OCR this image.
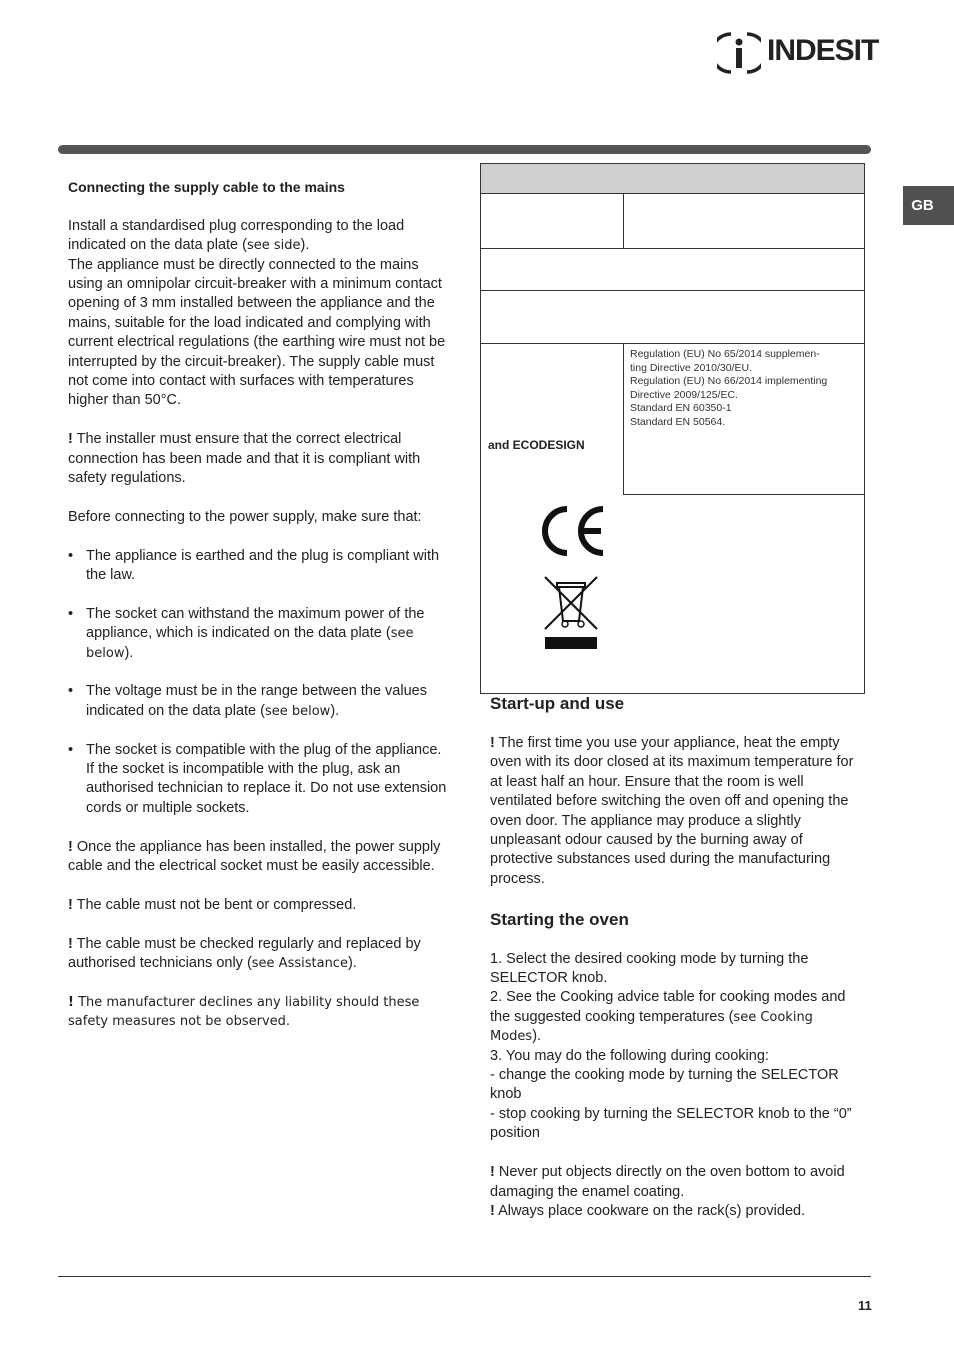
INDESIT
GB

Connecting the supply cable to the mains

Install a standardised plug corresponding to the load indicated on the data plate (see side).

The appliance must be directly connected to the mains using an omnipolar circuit-breaker with a minimum contact opening of 3 mm installed between the appliance and the mains, suitable for the load indicated and complying with current electrical regulations (the earthing wire must not be interrupted by the circuit-breaker). The supply cable must not come into contact with surfaces with temperatures higher than 50°C.

! The installer must ensure that the correct electrical connection has been made and that it is compliant with safety regulations.

Before connecting to the power supply, make sure that:

• The appliance is earthed and the plug is compliant with the law.
• The socket can withstand the maximum power of the appliance, which is indicated on the data plate (see below).
• The voltage must be in the range between the values indicated on the data plate (see below).
• The socket is compatible with the plug of the appliance. If the socket is incompatible with the plug, ask an authorised technician to replace it. Do not use extension cords or multiple sockets.

! Once the appliance has been installed, the power supply cable and the electrical socket must be easily accessible.

! The cable must not be bent or compressed.

! The cable must be checked regularly and replaced by authorised technicians only (see Assistance).

! The manufacturer declines any liability should these safety measures not be observed.

Regulation (EU) No 65/2014 supplemen-
ting Directive 2010/30/EU.
Regulation (EU) No 66/2014 implementing
Directive 2009/125/EC.
Standard EN 60350-1
Standard EN 50564.
and ECODESIGN
Start-up and use

! The first time you use your appliance, heat the empty oven with its door closed at its maximum temperature for at least half an hour. Ensure that the room is well ventilated before switching the oven off and opening the oven door. The appliance may produce a slightly unpleasant odour caused by the burning away of protective substances used during the manufacturing process.

Starting the oven

1. Select the desired cooking mode by turning the SELECTOR knob.

2. See the Cooking advice table for cooking modes and the suggested cooking temperatures (see Cooking Modes).

3. You may do the following during cooking:

- change the cooking mode by turning the SELECTOR knob

- stop cooking by turning the SELECTOR knob to the “0” position

! Never put objects directly on the oven bottom to avoid damaging the enamel coating.

! Always place cookware on the rack(s) provided.

11
